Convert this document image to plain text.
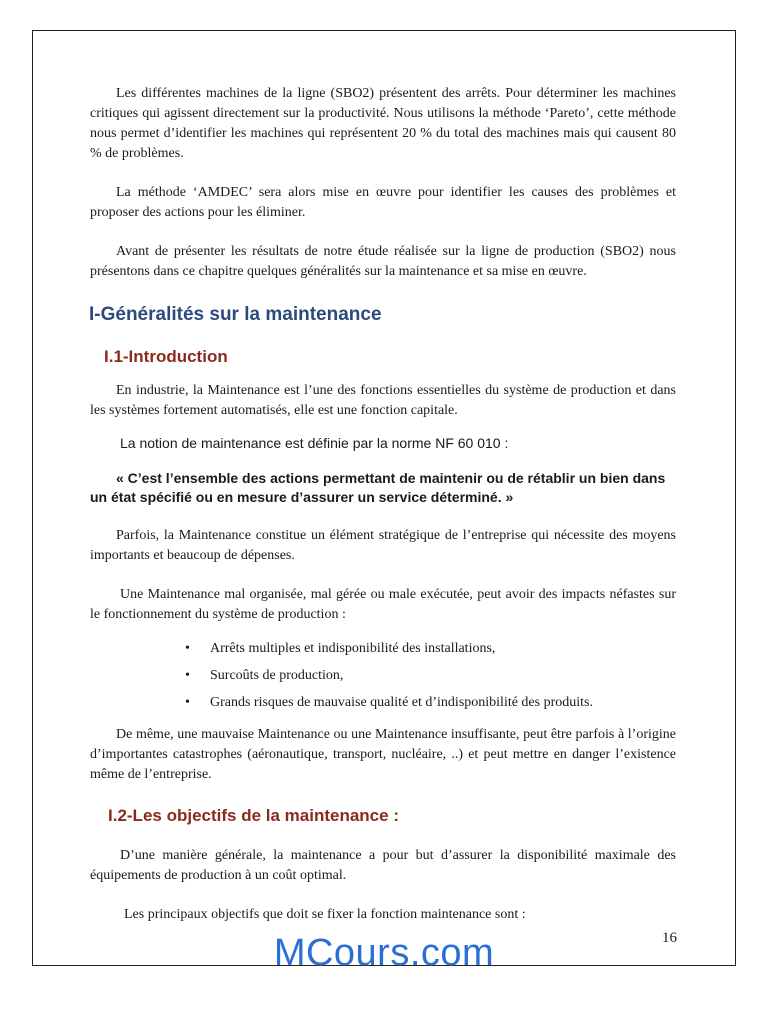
Les différentes machines de la ligne (SBO2) présentent des arrêts. Pour déterminer les machines critiques qui agissent directement sur la productivité. Nous utilisons la méthode ‘Pareto’, cette méthode nous permet d’identifier les machines qui représentent 20 % du total des machines mais qui causent 80 % de problèmes.

La méthode ‘AMDEC’ sera alors mise en œuvre pour identifier les causes des problèmes et proposer des actions pour les éliminer.

Avant de présenter les résultats de notre étude réalisée sur la ligne de production (SBO2) nous présentons dans ce chapitre quelques généralités sur la maintenance et sa mise en œuvre.

I-Généralités sur la maintenance
I.1-Introduction

En industrie, la Maintenance est l’une des fonctions essentielles du système de production et dans les systèmes fortement automatisés, elle est une fonction capitale.

La notion de maintenance est définie par la norme NF 60 010 :
« C’est l’ensemble des actions permettant de maintenir ou de rétablir un bien dans un état spécifié ou en mesure d’assurer un service déterminé. »

Parfois, la Maintenance constitue un élément stratégique de l’entreprise qui nécessite des moyens importants et beaucoup de dépenses.

Une Maintenance mal organisée, mal gérée ou male exécutée, peut avoir des impacts néfastes sur le fonctionnement du système de production :

• Arrêts multiples et indisponibilité des installations,
• Surcoûts de production,
• Grands risques de mauvaise qualité et d’indisponibilité des produits.

De même, une mauvaise Maintenance ou une Maintenance insuffisante, peut être parfois à l’origine d’importantes catastrophes (aéronautique, transport, nucléaire, ..) et peut mettre en danger l’existence même de l’entreprise.

I.2-Les objectifs de la maintenance :

D’une manière générale, la maintenance a pour but d’assurer la disponibilité maximale des équipements de production à un coût optimal.

Les principaux objectifs que doit se fixer la fonction maintenance sont :

16
MCours.com
